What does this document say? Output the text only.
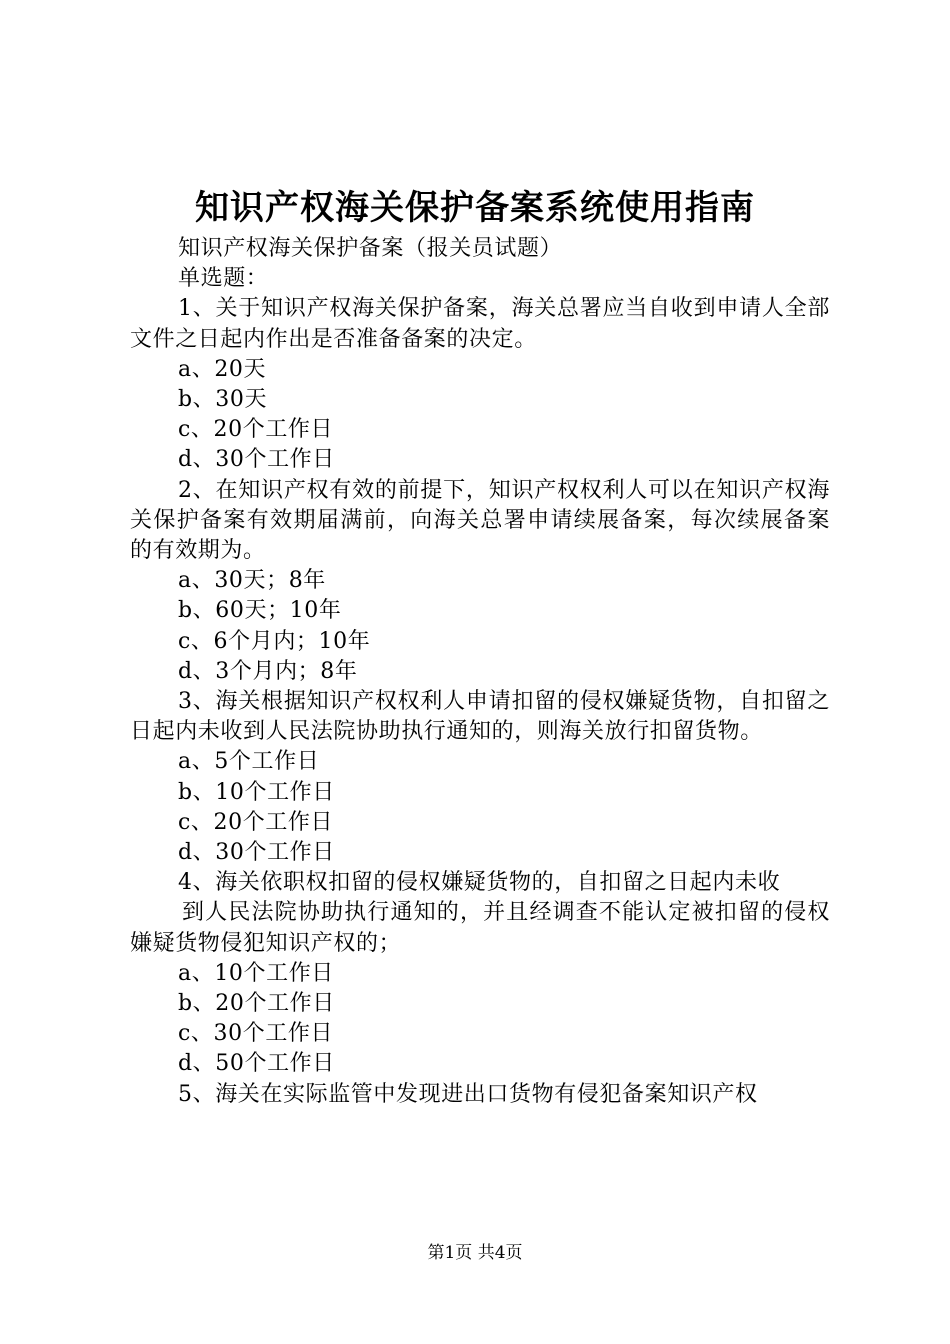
知识产权海关保护备案系统使用指南

知识产权海关保护备案（报关员试题）

单选题：

1、关于知识产权海关保护备案，海关总署应当自收到申请人全部文件之日起内作出是否准备备案的决定。

a、20天

b、30天

c、20个工作日

d、30个工作日

2、在知识产权有效的前提下，知识产权权利人可以在知识产权海关保护备案有效期届满前，向海关总署申请续展备案，每次续展备案的有效期为。

a、30天；8年

b、60天；10年

c、6个月内；10年

d、3个月内；8年

3、海关根据知识产权权利人申请扣留的侵权嫌疑货物，自扣留之日起内未收到人民法院协助执行通知的，则海关放行扣留货物。

a、5个工作日

b、10个工作日

c、20个工作日

d、30个工作日

4、海关依职权扣留的侵权嫌疑货物的，自扣留之日起内未收

到人民法院协助执行通知的，并且经调查不能认定被扣留的侵权嫌疑货物侵犯知识产权的；

a、10个工作日

b、20个工作日

c、30个工作日

d、50个工作日

5、海关在实际监管中发现进出口货物有侵犯备案知识产权

第1页 共4页
